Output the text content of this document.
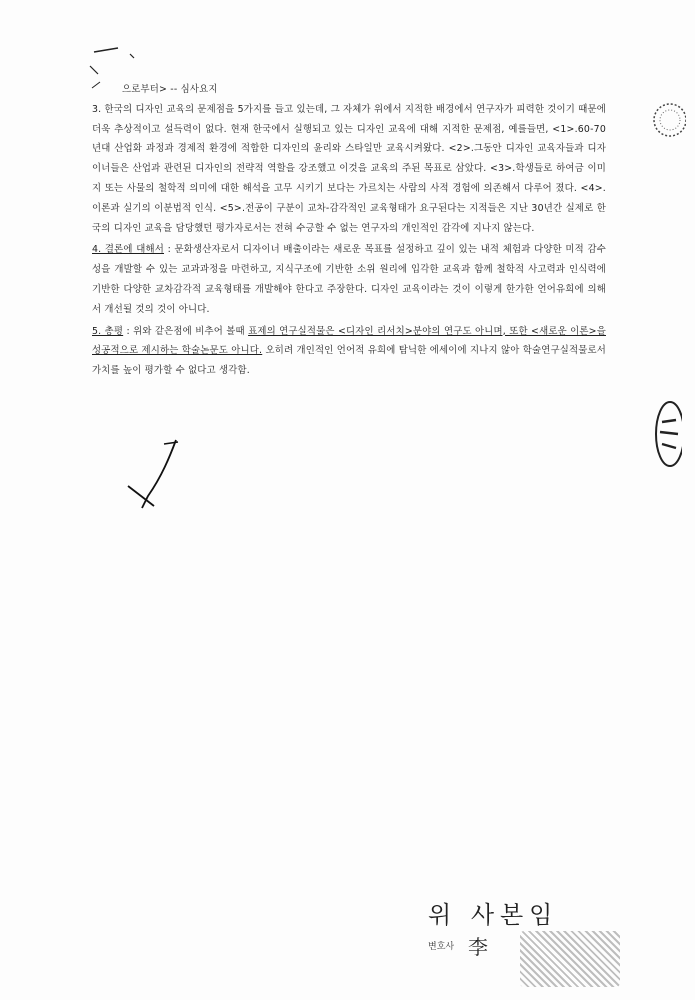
으로부터> -- 심사요지

3. 한국의 디자인 교육의 문제점을 5가지를 들고 있는데, 그 자체가 위에서 지적한 배경에서 연구자가 피력한 것이기 때문에 더욱 추상적이고 설득력이 없다. 현재 한국에서 실행되고 있는 디자인 교육에 대해 지적한 문제점, 예를들면, <1>.60-70년대 산업화 과정과 경제적 환경에 적합한 디자인의 윤리와 스타일만 교육시켜왔다. <2>.그동안 디자인 교육자들과 디자이너들은 산업과 관련된 디자인의 전략적 역할을 강조했고 이것을 교육의 주된 목표로 삼았다. <3>.학생들로 하여금 이미지 또는 사물의 철학적 의미에 대한 해석을 고무 시키기 보다는 가르치는 사람의 사적 경험에 의존해서 다루어 졌다. <4>.이론과 실기의 이분법적 인식. <5>.전공이 구분이 교차-감각적인 교육형태가 요구된다는 지적들은 지난 30년간 실제로 한국의 디자인 교육을 담당했던 평가자로서는 전혀 수긍할 수 없는 연구자의 개인적인 감각에 지나지 않는다.

4. 결론에 대해서 : 문화생산자로서 디자이너 배출이라는 새로운 목표를 설정하고 깊이 있는 내적 체험과 다양한 미적 감수성을 개발할 수 있는 교과과정을 마련하고, 지식구조에 기반한 소위 원리에 입각한 교육과 함께 철학적 사고력과 인식력에 기반한 다양한 교차감각적 교육형태를 개발해야 한다고 주장한다. 디자인 교육이라는 것이 이렇게 한가한 언어유희에 의해서 개선될 것의 것이 아니다.

5. 총평 : 위와 같은점에 비추어 볼때 표제의 연구실적물은 <디자인 리서치>분야의 연구도 아니며, 또한 <새로운 이론>을 성공적으로 제시하는 학술논문도 아니다. 오히려 개인적인 언어적 유희에 탐닉한 에세이에 지나지 않아 학술연구실적물로서 가치를 높이 평가할 수 없다고 생각함.

위 사본임
변호사 李
